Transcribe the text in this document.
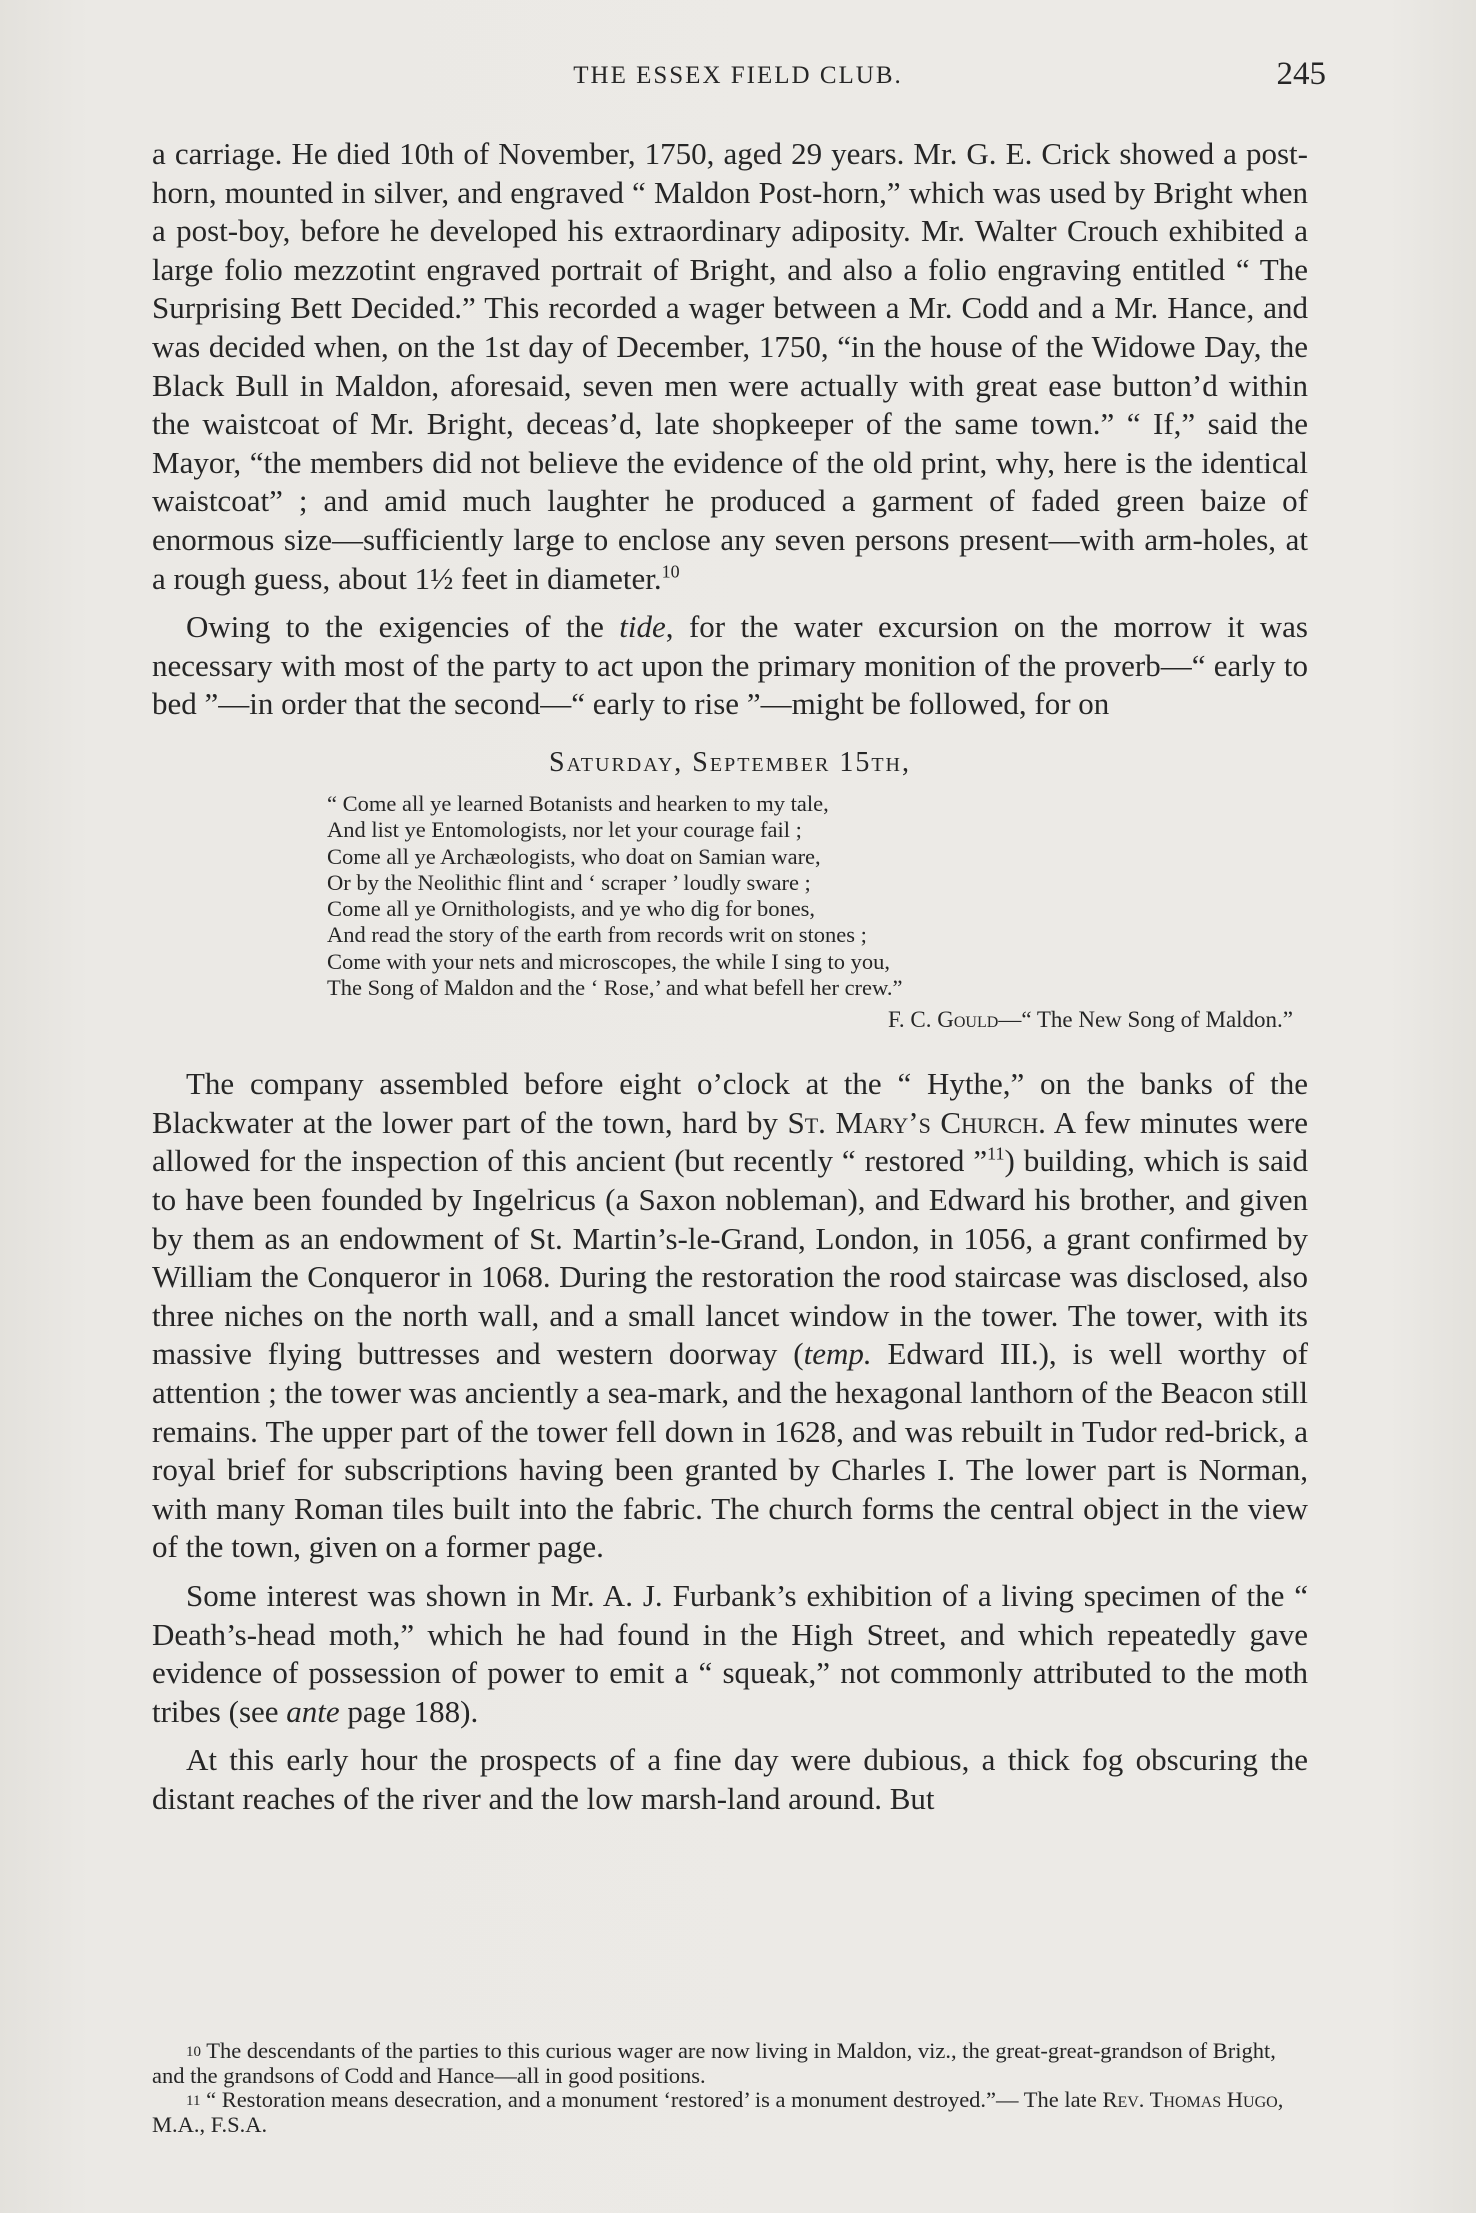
THE ESSEX FIELD CLUB.	245

a carriage. He died 10th of November, 1750, aged 29 years. Mr. G. E. Crick showed a post-horn, mounted in silver, and engraved “ Maldon Post-horn,” which was used by Bright when a post-boy, before he developed his extraordinary adiposity. Mr. Walter Crouch exhibited a large folio mezzotint engraved portrait of Bright, and also a folio engraving entitled “ The Surprising Bett Decided.” This recorded a wager between a Mr. Codd and a Mr. Hance, and was decided when, on the 1st day of December, 1750, “in the house of the Widowe Day, the Black Bull in Maldon, aforesaid, seven men were actually with great ease button’d within the waistcoat of Mr. Bright, deceas’d, late shopkeeper of the same town.” “ If,” said the Mayor, “the members did not believe the evidence of the old print, why, here is the identical waistcoat” ; and amid much laughter he produced a garment of faded green baize of enormous size—sufficiently large to enclose any seven persons present—with arm-holes, at a rough guess, about 1½ feet in diameter.$^{10}$

Owing to the exigencies of the tide, for the water excursion on the morrow it was necessary with most of the party to act upon the primary monition of the proverb—“ early to bed ”—in order that the second—“ early to rise ”—might be followed, for on

Saturday, September 15th,
“ Come all ye learned Botanists and hearken to my tale,
And list ye Entomologists, nor let your courage fail ;
Come all ye Archæologists, who doat on Samian ware,
Or by the Neolithic flint and ‘ scraper ’ loudly sware ;
Come all ye Ornithologists, and ye who dig for bones,
And read the story of the earth from records writ on stones ;
Come with your nets and microscopes, the while I sing to you,
The Song of Maldon and the ‘ Rose,’ and what befell her crew.”
F. C. Gould—“ The New Song of Maldon.”

The company assembled before eight o’clock at the “ Hythe,” on the banks of the Blackwater at the lower part of the town, hard by St. Mary’s Church. A few minutes were allowed for the inspection of this ancient (but recently “ restored ”$^{11}$) building, which is said to have been founded by Ingelricus (a Saxon nobleman), and Edward his brother, and given by them as an endowment of St. Martin’s-le-Grand, London, in 1056, a grant confirmed by William the Conqueror in 1068. During the restoration the rood staircase was disclosed, also three niches on the north wall, and a small lancet window in the tower. The tower, with its massive flying buttresses and western doorway (temp. Edward III.), is well worthy of attention ; the tower was anciently a sea-mark, and the hexagonal lanthorn of the Beacon still remains. The upper part of the tower fell down in 1628, and was rebuilt in Tudor red-brick, a royal brief for subscriptions having been granted by Charles I. The lower part is Norman, with many Roman tiles built into the fabric. The church forms the central object in the view of the town, given on a former page.

Some interest was shown in Mr. A. J. Furbank’s exhibition of a living specimen of the “ Death’s-head moth,” which he had found in the High Street, and which repeatedly gave evidence of possession of power to emit a “ squeak,” not commonly attributed to the moth tribes (see ante page 188).

At this early hour the prospects of a fine day were dubious, a thick fog obscuring the distant reaches of the river and the low marsh-land around. But

$^{10}$ The descendants of the parties to this curious wager are now living in Maldon, viz., the great-great-grandson of Bright, and the grandsons of Codd and Hance—all in good positions.
$^{11}$ “ Restoration means desecration, and a monument ‘restored’ is a monument destroyed.”— The late Rev. Thomas Hugo, M.A., F.S.A.
